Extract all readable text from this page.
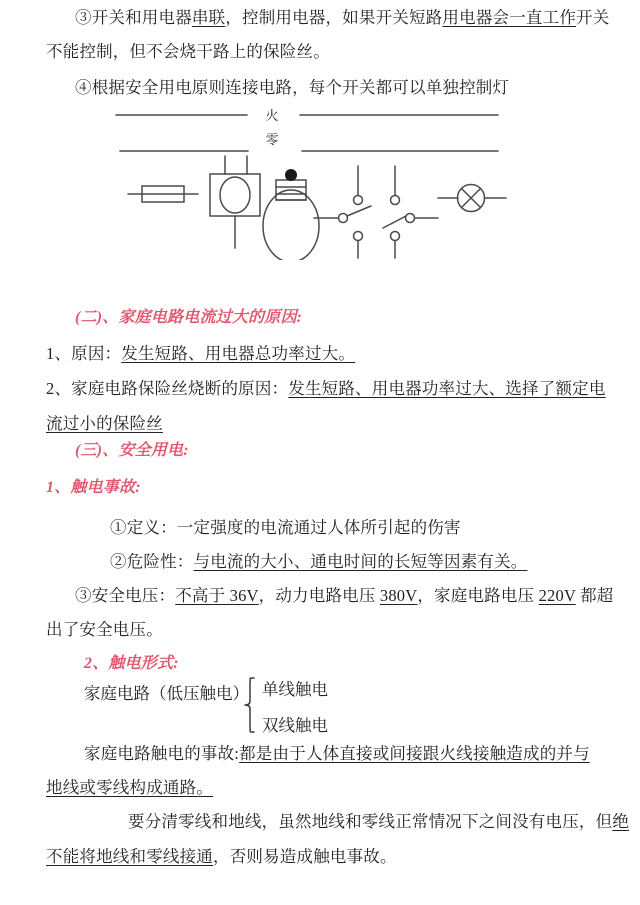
③开关和用电器串联，控制用电器，如果开关短路用电器会一直工作开关
不能控制，但不会烧干路上的保险丝。
④根据安全用电原则连接电路，每个开关都可以单独控制灯
火
零
(二)、家庭电路电流过大的原因:
1、原因：发生短路、用电器总功率过大。
2、家庭电路保险丝烧断的原因：发生短路、用电器功率过大、选择了额定电
流过小的保险丝
(三)、安全用电:
1、触电事故:
①定义：一定强度的电流通过人体所引起的伤害
②危险性：与电流的大小、通电时间的长短等因素有关。
③安全电压：不高于 36V，动力电路电压 380V，家庭电路电压 220V 都超
出了安全电压。
2、触电形式:
家庭电路（低压触电） 单线触电
双线触电
家庭电路触电的事故:都是由于人体直接或间接跟火线接触造成的并与
地线或零线构成通路。
要分清零线和地线，虽然地线和零线正常情况下之间没有电压，但绝
不能将地线和零线接通，否则易造成触电事故。
